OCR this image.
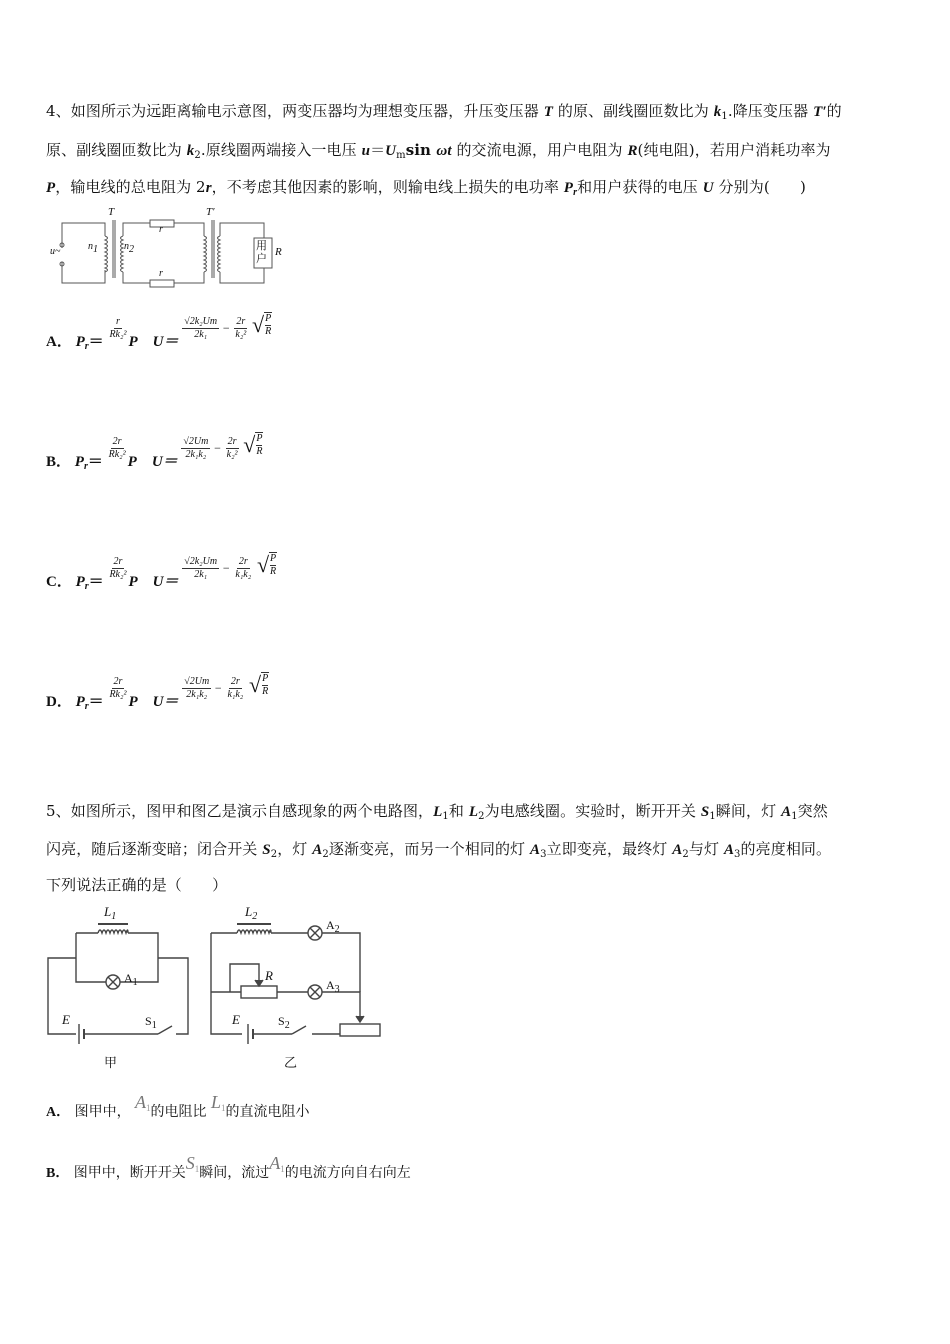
4、如图所示为远距离输电示意图，两变压器均为理想变压器，升压变压器 T 的原、副线圈匝数比为 $k_1$.降压变压器 T′的
原、副线圈匝数比为 $k_2$.原线圈两端接入一电压 $u=U_m\sin$ ωt 的交流电源，用户电阻为 R(纯电阻)，若用户消耗功率为
P，输电线的总电阻为 2r，不考虑其他因素的影响，则输电线上损失的电功率 $P_r$和用户获得的电压 U 分别为(　　)
T	T′
u~	$n_1$	$n_2$
r
r
用
户 R
A． $P_r=$
$\frac{r}{\text{Rk₂²}}$
P U＝
$\frac{\text{√2k₂Um}}{\text{2k₁}} ^- \frac{2r}{\text{k₂²}}$
√ P
R
B． $P_r=$
$\frac{2r}{\text{Rk₂²}}$
P U＝
$\frac{√2Um}{\text{2k₁k₂}} ^- \frac{2r}{\text{k₂²}}$
√ P
R
C． $P_r=$
$\frac{2r}{\text{Rk₂²}}$
P U＝
$\frac{\text{√2k₂Um}}{\text{2k₁}} ^- \frac{2r}{\text{k₁k₂}}$
√ P
R
D． $P_r=$
$\frac{2r}{\text{Rk₂²}}$
P U＝
$\frac{√2Um}{\text{2k₁k₂}} ^- \frac{2r}{\text{k₁k₂}}$
√ P
R
5、如图所示，图甲和图乙是演示自感现象的两个电路图，$L_1$和 $L_2$为电感线圈。实验时，断开开关 $S_1$瞬间，灯 $A_1$突然
闪亮，随后逐渐变暗；闭合开关 $S_2$，灯 $A_2$逐渐变亮，而另一个相同的灯 $A_3$立即变亮，最终灯 $A_2$与灯 $A_3$的亮度相同。
下列说法正确的是（　　）
$L_1$
$A_1$
E	$S_1$
甲
$L_2$
$A_2$
R
$A_3$
E	$S_2$
乙
A． 图甲中， $A_1$的电阻比 $L_1$的直流电阻小
B． 图甲中，断开开关$S_1$瞬间，流过$A_1$的电流方向自右向左
